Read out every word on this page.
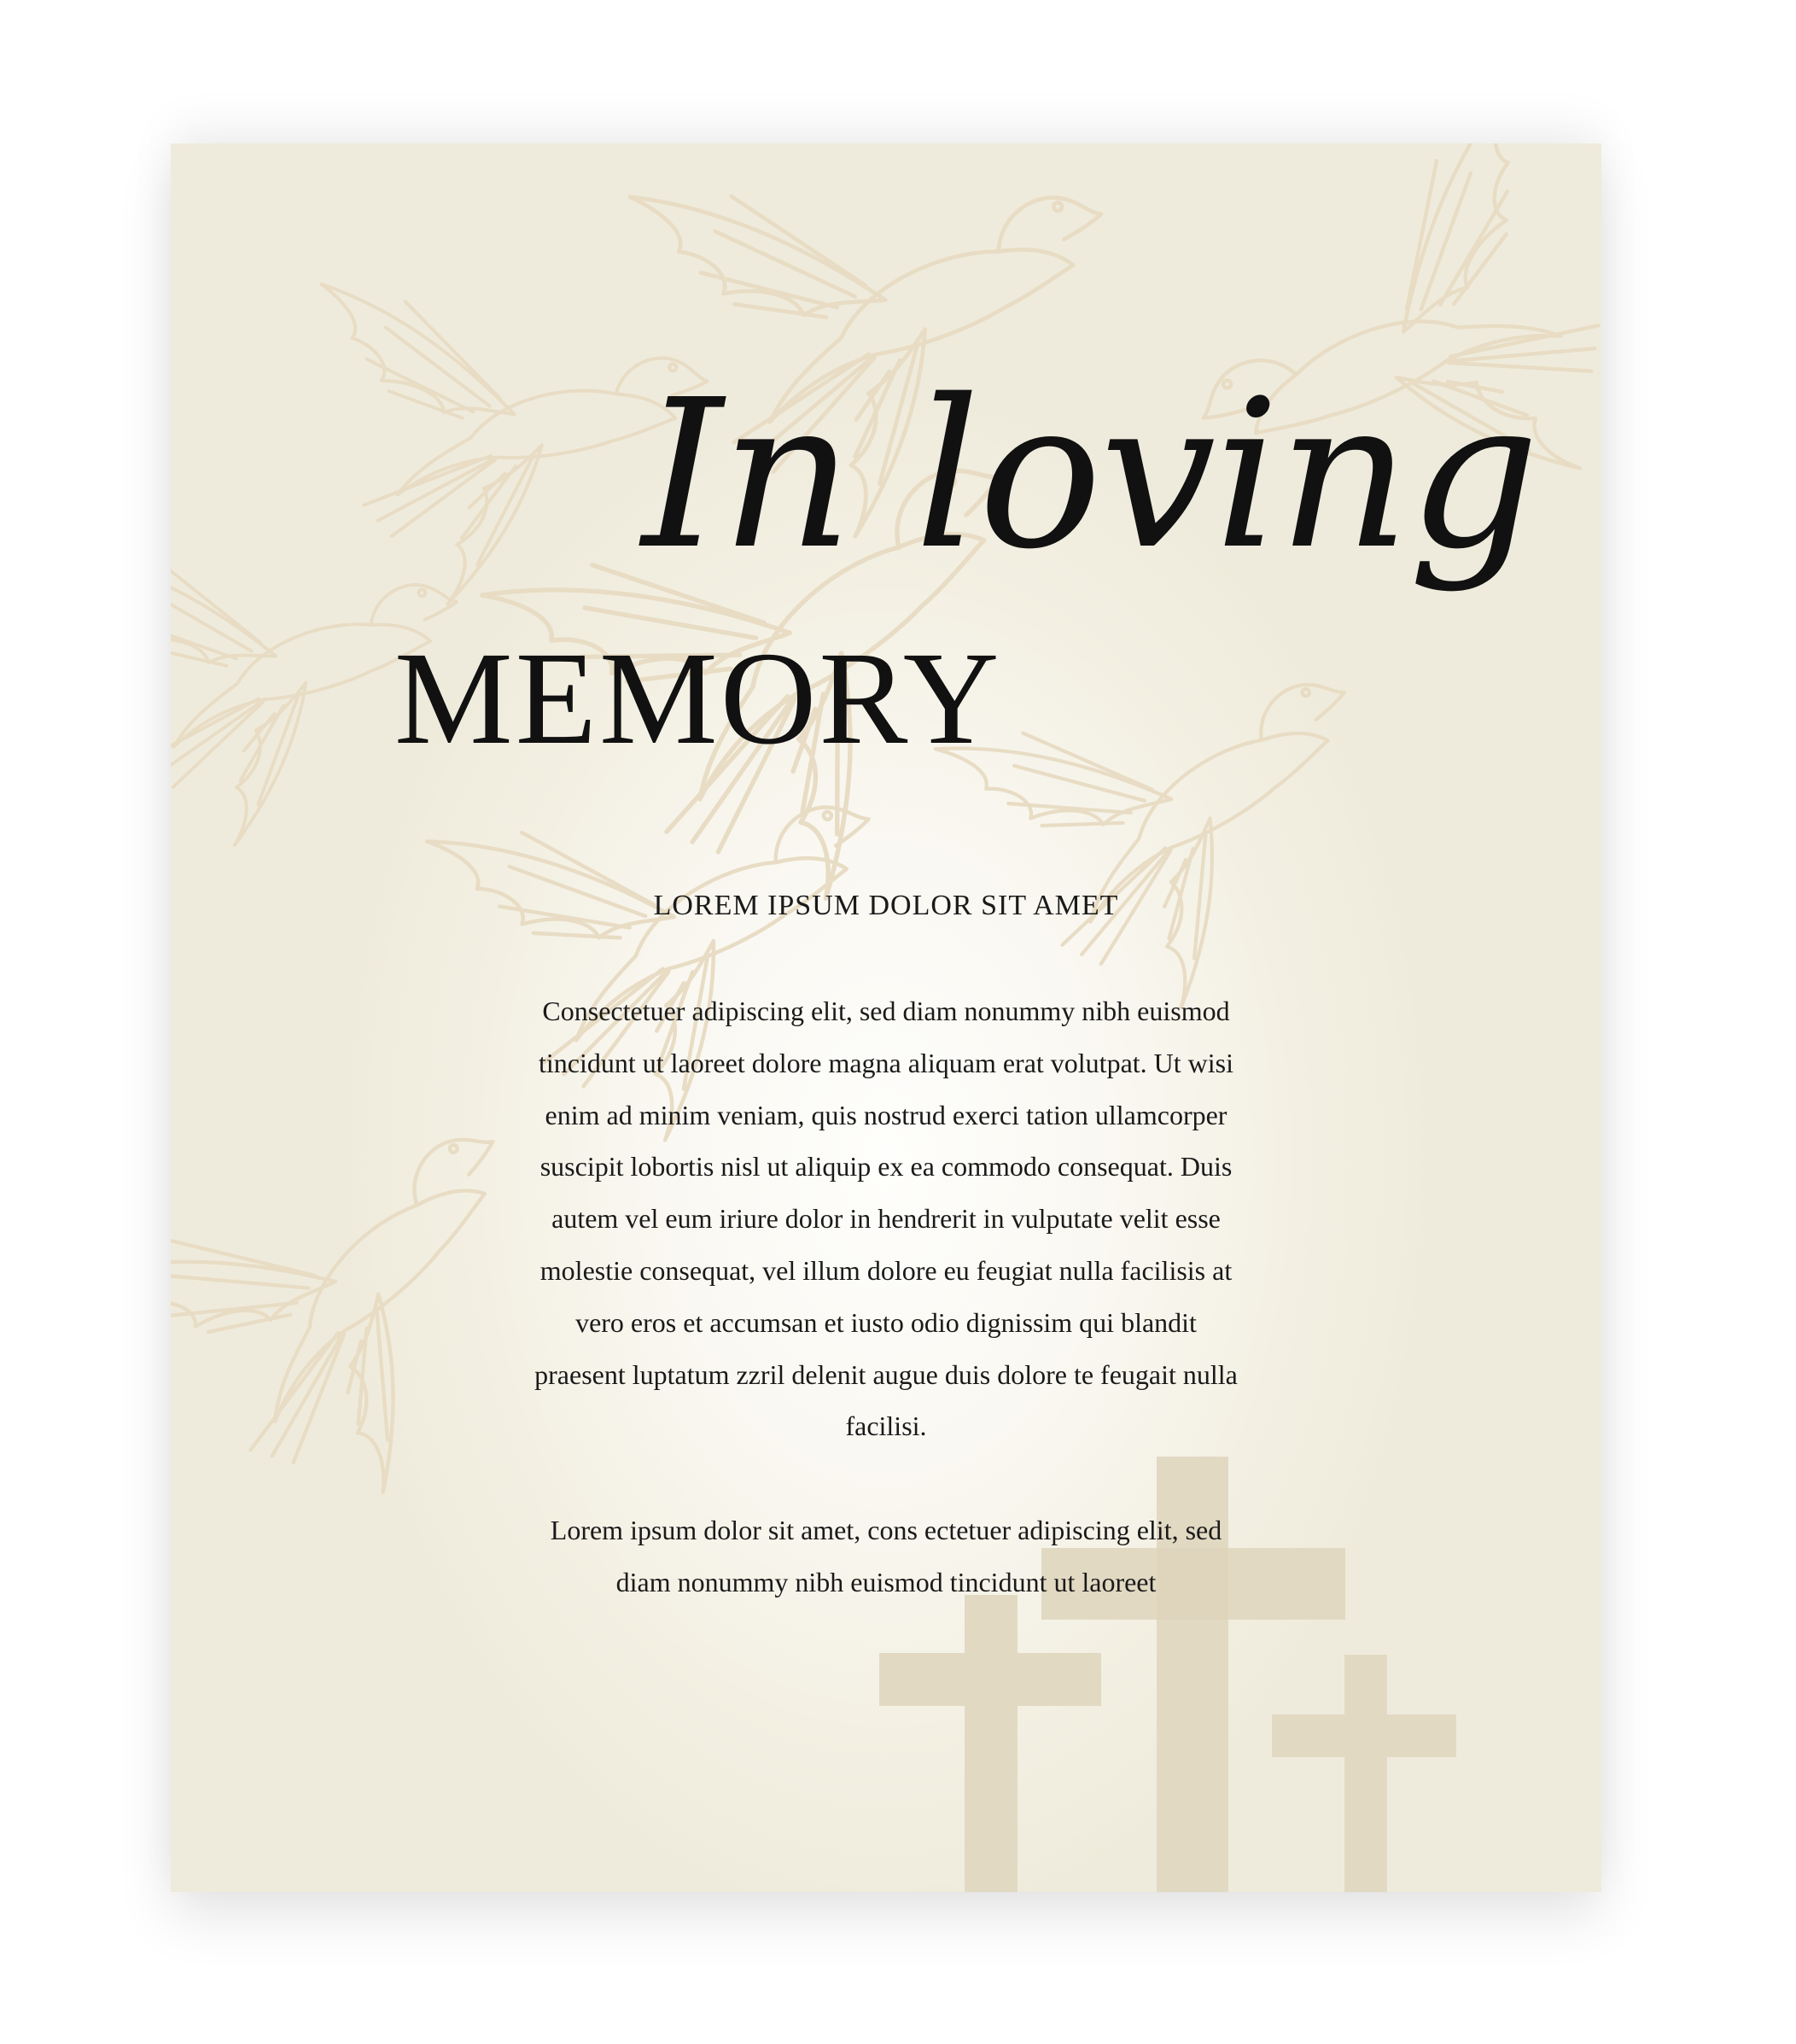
In loving
MEMORY
LOREM IPSUM DOLOR SIT AMET
Consectetuer adipiscing elit, sed diam nonummy nibh euismod
tincidunt ut laoreet dolore magna aliquam erat volutpat. Ut wisi
enim ad minim veniam, quis nostrud exerci tation ullamcorper
suscipit lobortis nisl ut aliquip ex ea commodo consequat. Duis
autem vel eum iriure dolor in hendrerit in vulputate velit esse
molestie consequat, vel illum dolore eu feugiat nulla facilisis at
vero eros et accumsan et iusto odio dignissim qui blandit
praesent luptatum zzril delenit augue duis dolore te feugait nulla
facilisi.
Lorem ipsum dolor sit amet, cons ectetuer adipiscing elit, sed
diam nonummy nibh euismod tincidunt ut laoreet
